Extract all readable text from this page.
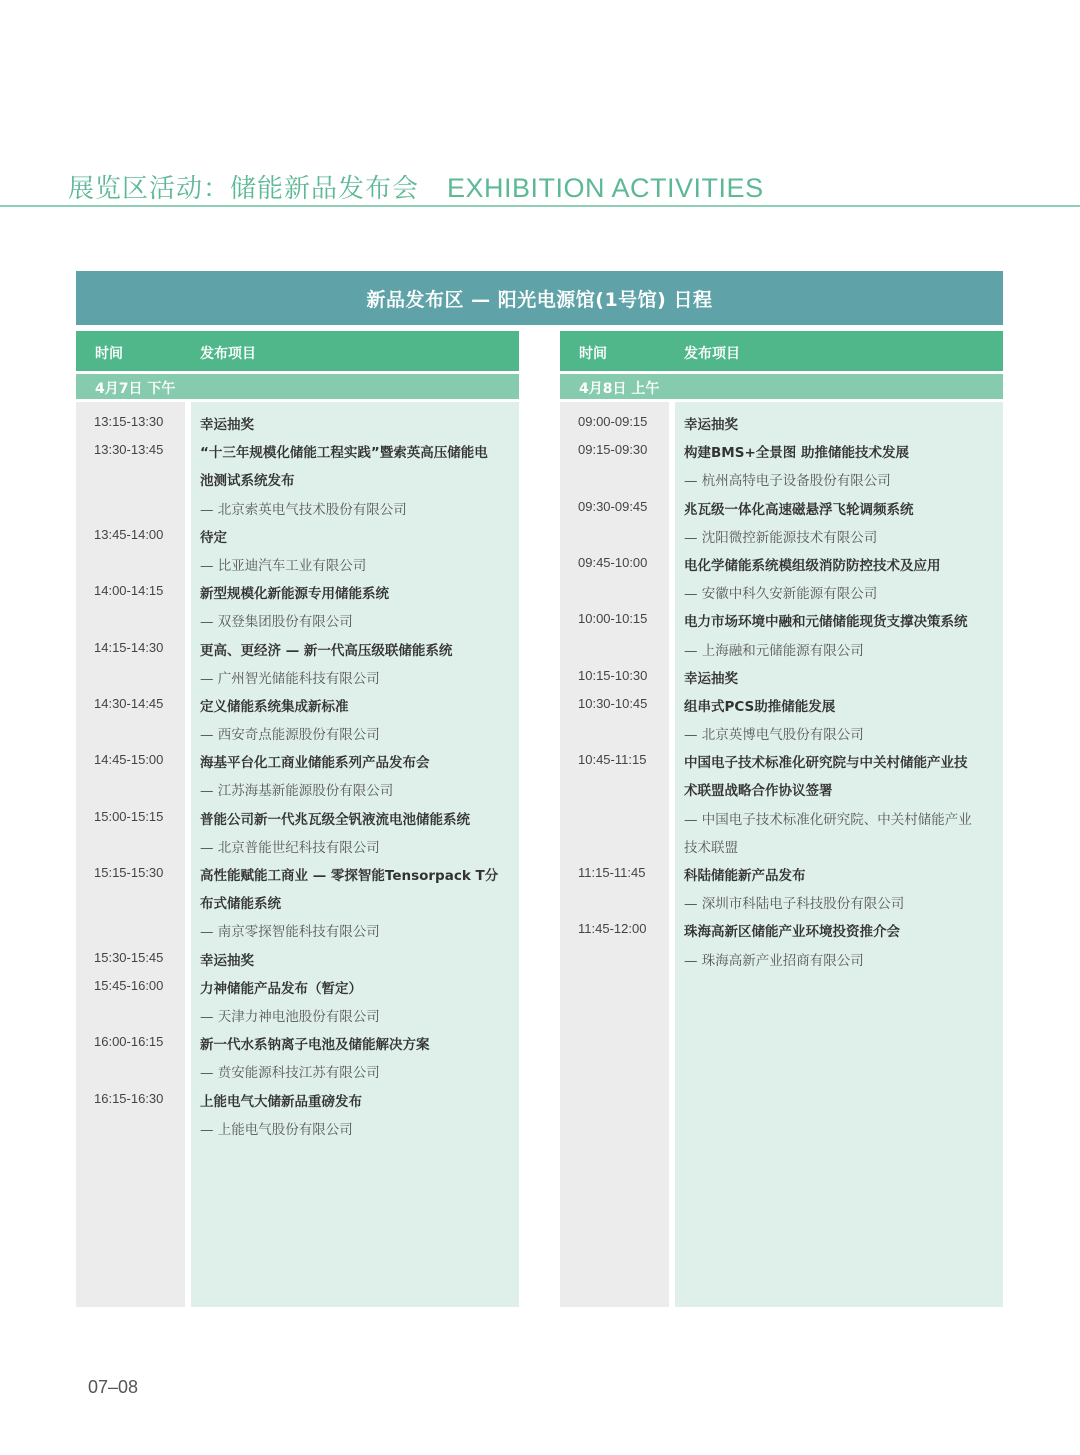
展览区活动：储能新品发布会 EXHIBITION ACTIVITIES
新品发布区 — 阳光电源馆(1号馆) 日程
时间	发布项目
4月7日 下午
13:15-13:30	幸运抽奖
13:30-13:45	“十三年规模化储能工程实践”暨索英高压储能电
池测试系统发布
— 北京索英电气技术股份有限公司
13:45-14:00	待定
— 比亚迪汽车工业有限公司
14:00-14:15	新型规模化新能源专用储能系统
— 双登集团股份有限公司
14:15-14:30	更高、更经济 — 新一代高压级联储能系统
— 广州智光储能科技有限公司
14:30-14:45	定义储能系统集成新标准
— 西安奇点能源股份有限公司
14:45-15:00	海基平台化工商业储能系列产品发布会
— 江苏海基新能源股份有限公司
15:00-15:15	普能公司新一代兆瓦级全钒液流电池储能系统
— 北京普能世纪科技有限公司
15:15-15:30	高性能赋能工商业 — 零探智能Tensorpack T分
布式储能系统
— 南京零探智能科技有限公司
15:30-15:45	幸运抽奖
15:45-16:00	力神储能产品发布（暂定）
— 天津力神电池股份有限公司
16:00-16:15	新一代水系钠离子电池及储能解决方案
— 贲安能源科技江苏有限公司
16:15-16:30	上能电气大储新品重磅发布
— 上能电气股份有限公司
时间	发布项目
4月8日 上午
09:00-09:15	幸运抽奖
09:15-09:30	构建BMS+全景图 助推储能技术发展
— 杭州高特电子设备股份有限公司
09:30-09:45	兆瓦级一体化高速磁悬浮飞轮调频系统
— 沈阳微控新能源技术有限公司
09:45-10:00	电化学储能系统模组级消防防控技术及应用
— 安徽中科久安新能源有限公司
10:00-10:15	电力市场环境中融和元储储能现货支撑决策系统
— 上海融和元储能源有限公司
10:15-10:30	幸运抽奖
10:30-10:45	组串式PCS助推储能发展
— 北京英博电气股份有限公司
10:45-11:15	中国电子技术标准化研究院与中关村储能产业技
术联盟战略合作协议签署
— 中国电子技术标准化研究院、中关村储能产业
技术联盟
11:15-11:45	科陆储能新产品发布
— 深圳市科陆电子科技股份有限公司
11:45-12:00	珠海高新区储能产业环境投资推介会
— 珠海高新产业招商有限公司
07–08
